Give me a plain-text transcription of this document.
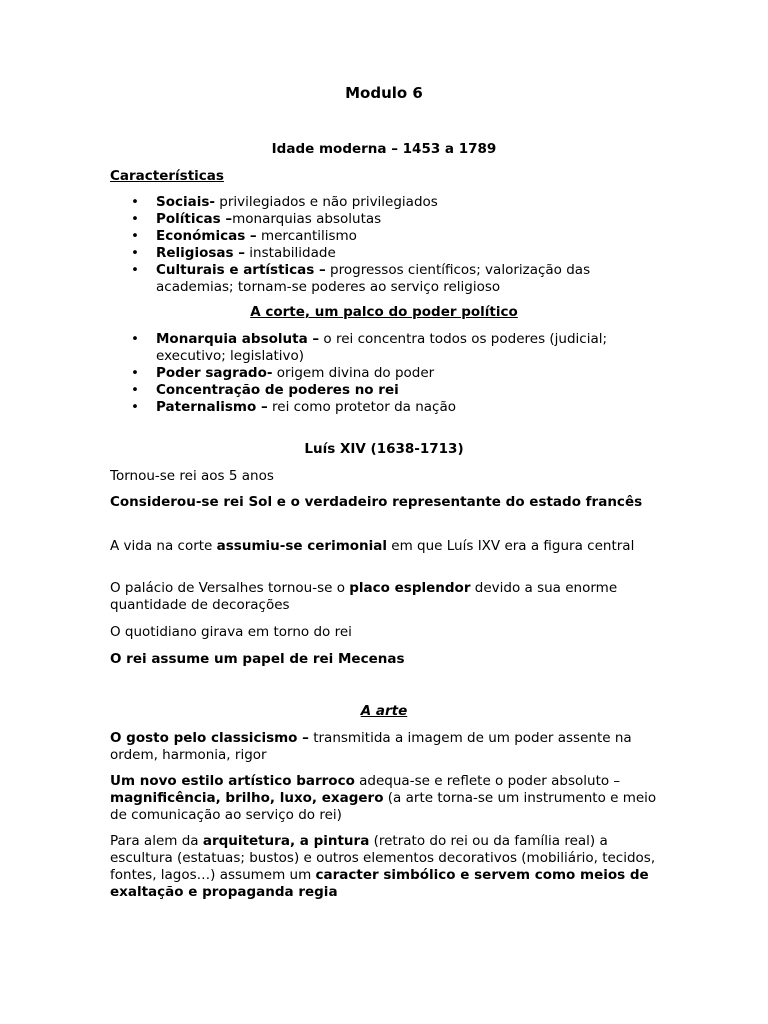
Modulo 6
Idade moderna – 1453 a 1789
Características
• Sociais- privilegiados e não privilegiados
• Políticas –monarquias absolutas
• Económicas – mercantilismo
• Religiosas – instabilidade
• Culturais e artísticas – progressos científicos; valorização das academias; tornam-se poderes ao serviço religioso
A corte, um palco do poder político
• Monarquia absoluta – o rei concentra todos os poderes (judicial; executivo; legislativo)
• Poder sagrado- origem divina do poder
• Concentração de poderes no rei
• Paternalismo – rei como protetor da nação
Luís XIV (1638-1713)

Tornou-se rei aos 5 anos

Considerou-se rei Sol e o verdadeiro representante do estado francês

A vida na corte assumiu-se cerimonial em que Luís IXV era a figura central

O palácio de Versalhes tornou-se o placo esplendor devido a sua enorme quantidade de decorações

O quotidiano girava em torno do rei

O rei assume um papel de rei Mecenas

A arte

O gosto pelo classicismo – transmitida a imagem de um poder assente na ordem, harmonia, rigor

Um novo estilo artístico barroco adequa-se e reflete o poder absoluto – magnificência, brilho, luxo, exagero (a arte torna-se um instrumento e meio de comunicação ao serviço do rei)

Para alem da arquitetura, a pintura (retrato do rei ou da família real) a escultura (estatuas; bustos) e outros elementos decorativos (mobiliário, tecidos, fontes, lagos…) assumem um caracter simbólico e servem como meios de exaltação e propaganda regia
